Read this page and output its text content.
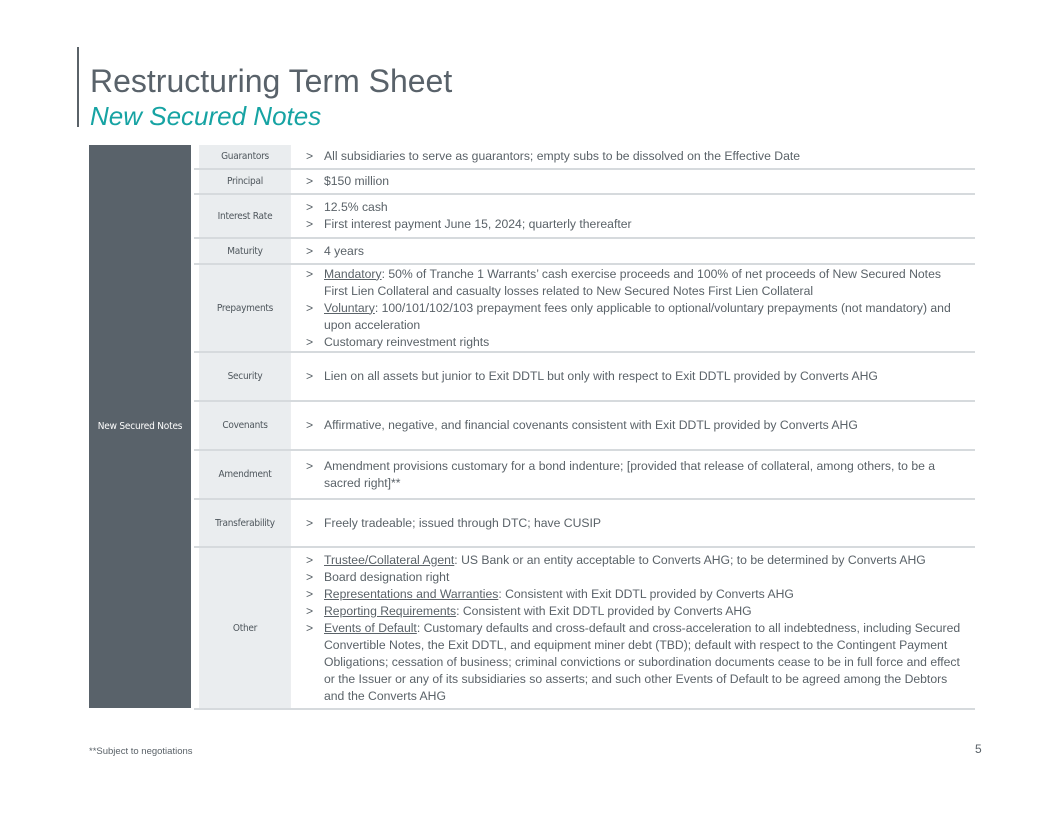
Restructuring Term Sheet
New Secured Notes
New Secured Notes
Guarantors	> All subsidiaries to serve as guarantors; empty subs to be dissolved on the Effective Date
Principal	> $150 million
Interest Rate
> 12.5% cash
> First interest payment June 15, 2024; quarterly thereafter
Maturity	> 4 years
Prepayments
> Mandatory: 50% of Tranche 1 Warrants’ cash exercise proceeds and 100% of net proceeds of New Secured Notes First Lien Collateral and casualty losses related to New Secured Notes First Lien Collateral
> Voluntary: 100/101/102/103 prepayment fees only applicable to optional/voluntary prepayments (not mandatory) and upon acceleration
> Customary reinvestment rights
Security	> Lien on all assets but junior to Exit DDTL but only with respect to Exit DDTL provided by Converts AHG
Covenants	> Affirmative, negative, and financial covenants consistent with Exit DDTL provided by Converts AHG
Amendment
> Amendment provisions customary for a bond indenture; [provided that release of collateral, among others, to be a sacred right]**
Transferability	> Freely tradeable; issued through DTC; have CUSIP
Other
> Trustee/Collateral Agent: US Bank or an entity acceptable to Converts AHG; to be determined by Converts AHG
> Board designation right
> Representations and Warranties: Consistent with Exit DDTL provided by Converts AHG
> Reporting Requirements: Consistent with Exit DDTL provided by Converts AHG
> Events of Default: Customary defaults and cross-default and cross-acceleration to all indebtedness, including Secured Convertible Notes, the Exit DDTL, and equipment miner debt (TBD); default with respect to the Contingent Payment Obligations; cessation of business; criminal convictions or subordination documents cease to be in full force and effect or the Issuer or any of its subsidiaries so asserts; and such other Events of Default to be agreed among the Debtors and the Converts AHG
**Subject to negotiations	5
